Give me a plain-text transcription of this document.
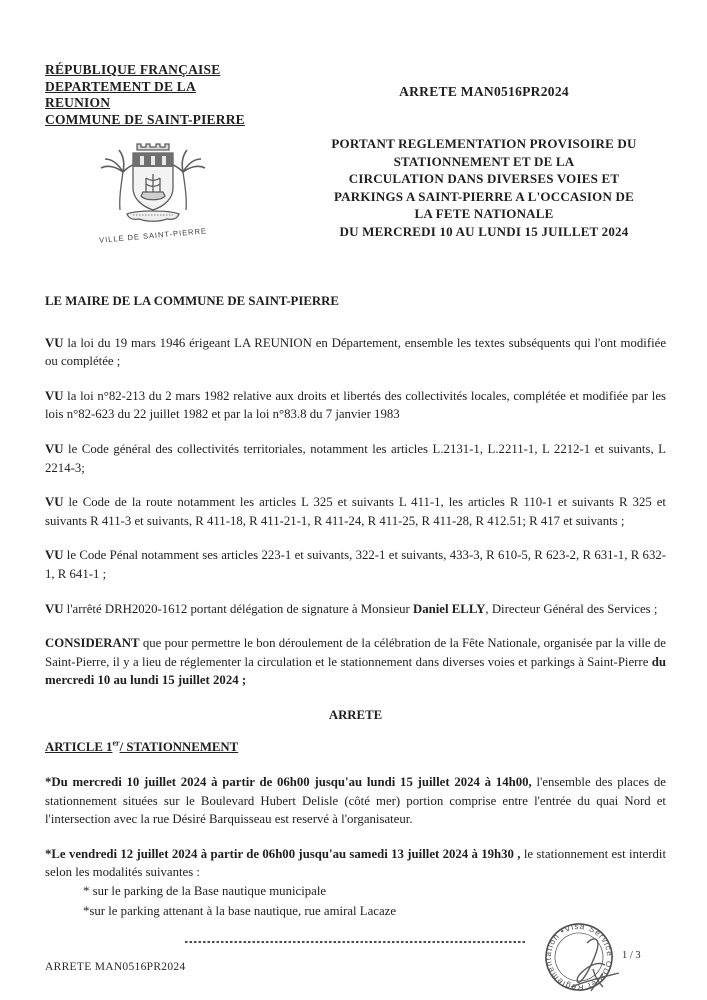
RÉPUBLIQUE FRANÇAISE
DEPARTEMENT DE LA
REUNION
COMMUNE DE SAINT-PIERRE
VILLE DE SAINT-PIERRE
ARRETE MAN0516PR2024
PORTANT REGLEMENTATION PROVISOIRE DU
STATIONNEMENT ET DE LA
CIRCULATION DANS DIVERSES VOIES ET
PARKINGS A SAINT-PIERRE A L'OCCASION DE
LA FETE NATIONALE
DU MERCREDI 10 AU LUNDI 15 JUILLET 2024

LE MAIRE DE LA COMMUNE DE SAINT-PIERRE

VU la loi du 19 mars 1946 érigeant LA REUNION en Département, ensemble les textes subséquents qui l'ont modifiée ou complétée ;

VU la loi n°82-213 du 2 mars 1982 relative aux droits et libertés des collectivités locales, complétée et modifiée par les lois n°82-623 du 22 juillet 1982 et par la loi n°83.8 du 7 janvier 1983

VU le Code général des collectivités territoriales, notamment les articles L.2131-1, L.2211-1, L 2212-1 et suivants, L 2214-3;

VU le Code de la route notamment les articles L 325 et suivants L 411-1, les articles R 110-1 et suivants R 325 et suivants R 411-3 et suivants, R 411-18, R 411-21-1, R 411-24, R 411-25, R 411-28, R 412.51; R 417 et suivants ;

VU le Code Pénal notamment ses articles 223-1 et suivants, 322-1 et suivants, 433-3, R 610-5, R 623-2, R 631-1, R 632-1, R 641-1 ;

VU l'arrêté DRH2020-1612 portant délégation de signature à Monsieur Daniel ELLY, Directeur Général des Services ;

CONSIDERANT que pour permettre le bon déroulement de la célébration de la Fête Nationale, organisée par la ville de Saint-Pierre, il y a lieu de réglementer la circulation et le stationnement dans diverses voies et parkings à Saint-Pierre du mercredi 10 au lundi 15 juillet 2024 ;

ARRETE

ARTICLE 1er/ STATIONNEMENT

*Du mercredi 10 juillet 2024 à partir de 06h00 jusqu'au lundi 15 juillet 2024 à 14h00, l'ensemble des places de stationnement situées sur le Boulevard Hubert Delisle (côté mer) portion comprise entre l'entrée du quai Nord et l'intersection avec la rue Désiré Barquisseau est reservé à l'organisateur.

*Le vendredi 12 juillet 2024 à partir de 06h00 jusqu'au samedi 13 juillet 2024 à 19h30 , le stationnement est interdit selon les modalités suivantes :

* sur le parking de la Base nautique municipale

*sur le parking attenant à la base nautique, rue amiral Lacaze

ARRETE MAN0516PR2024
1 / 3
Visa Service ODP et Réglementation •
